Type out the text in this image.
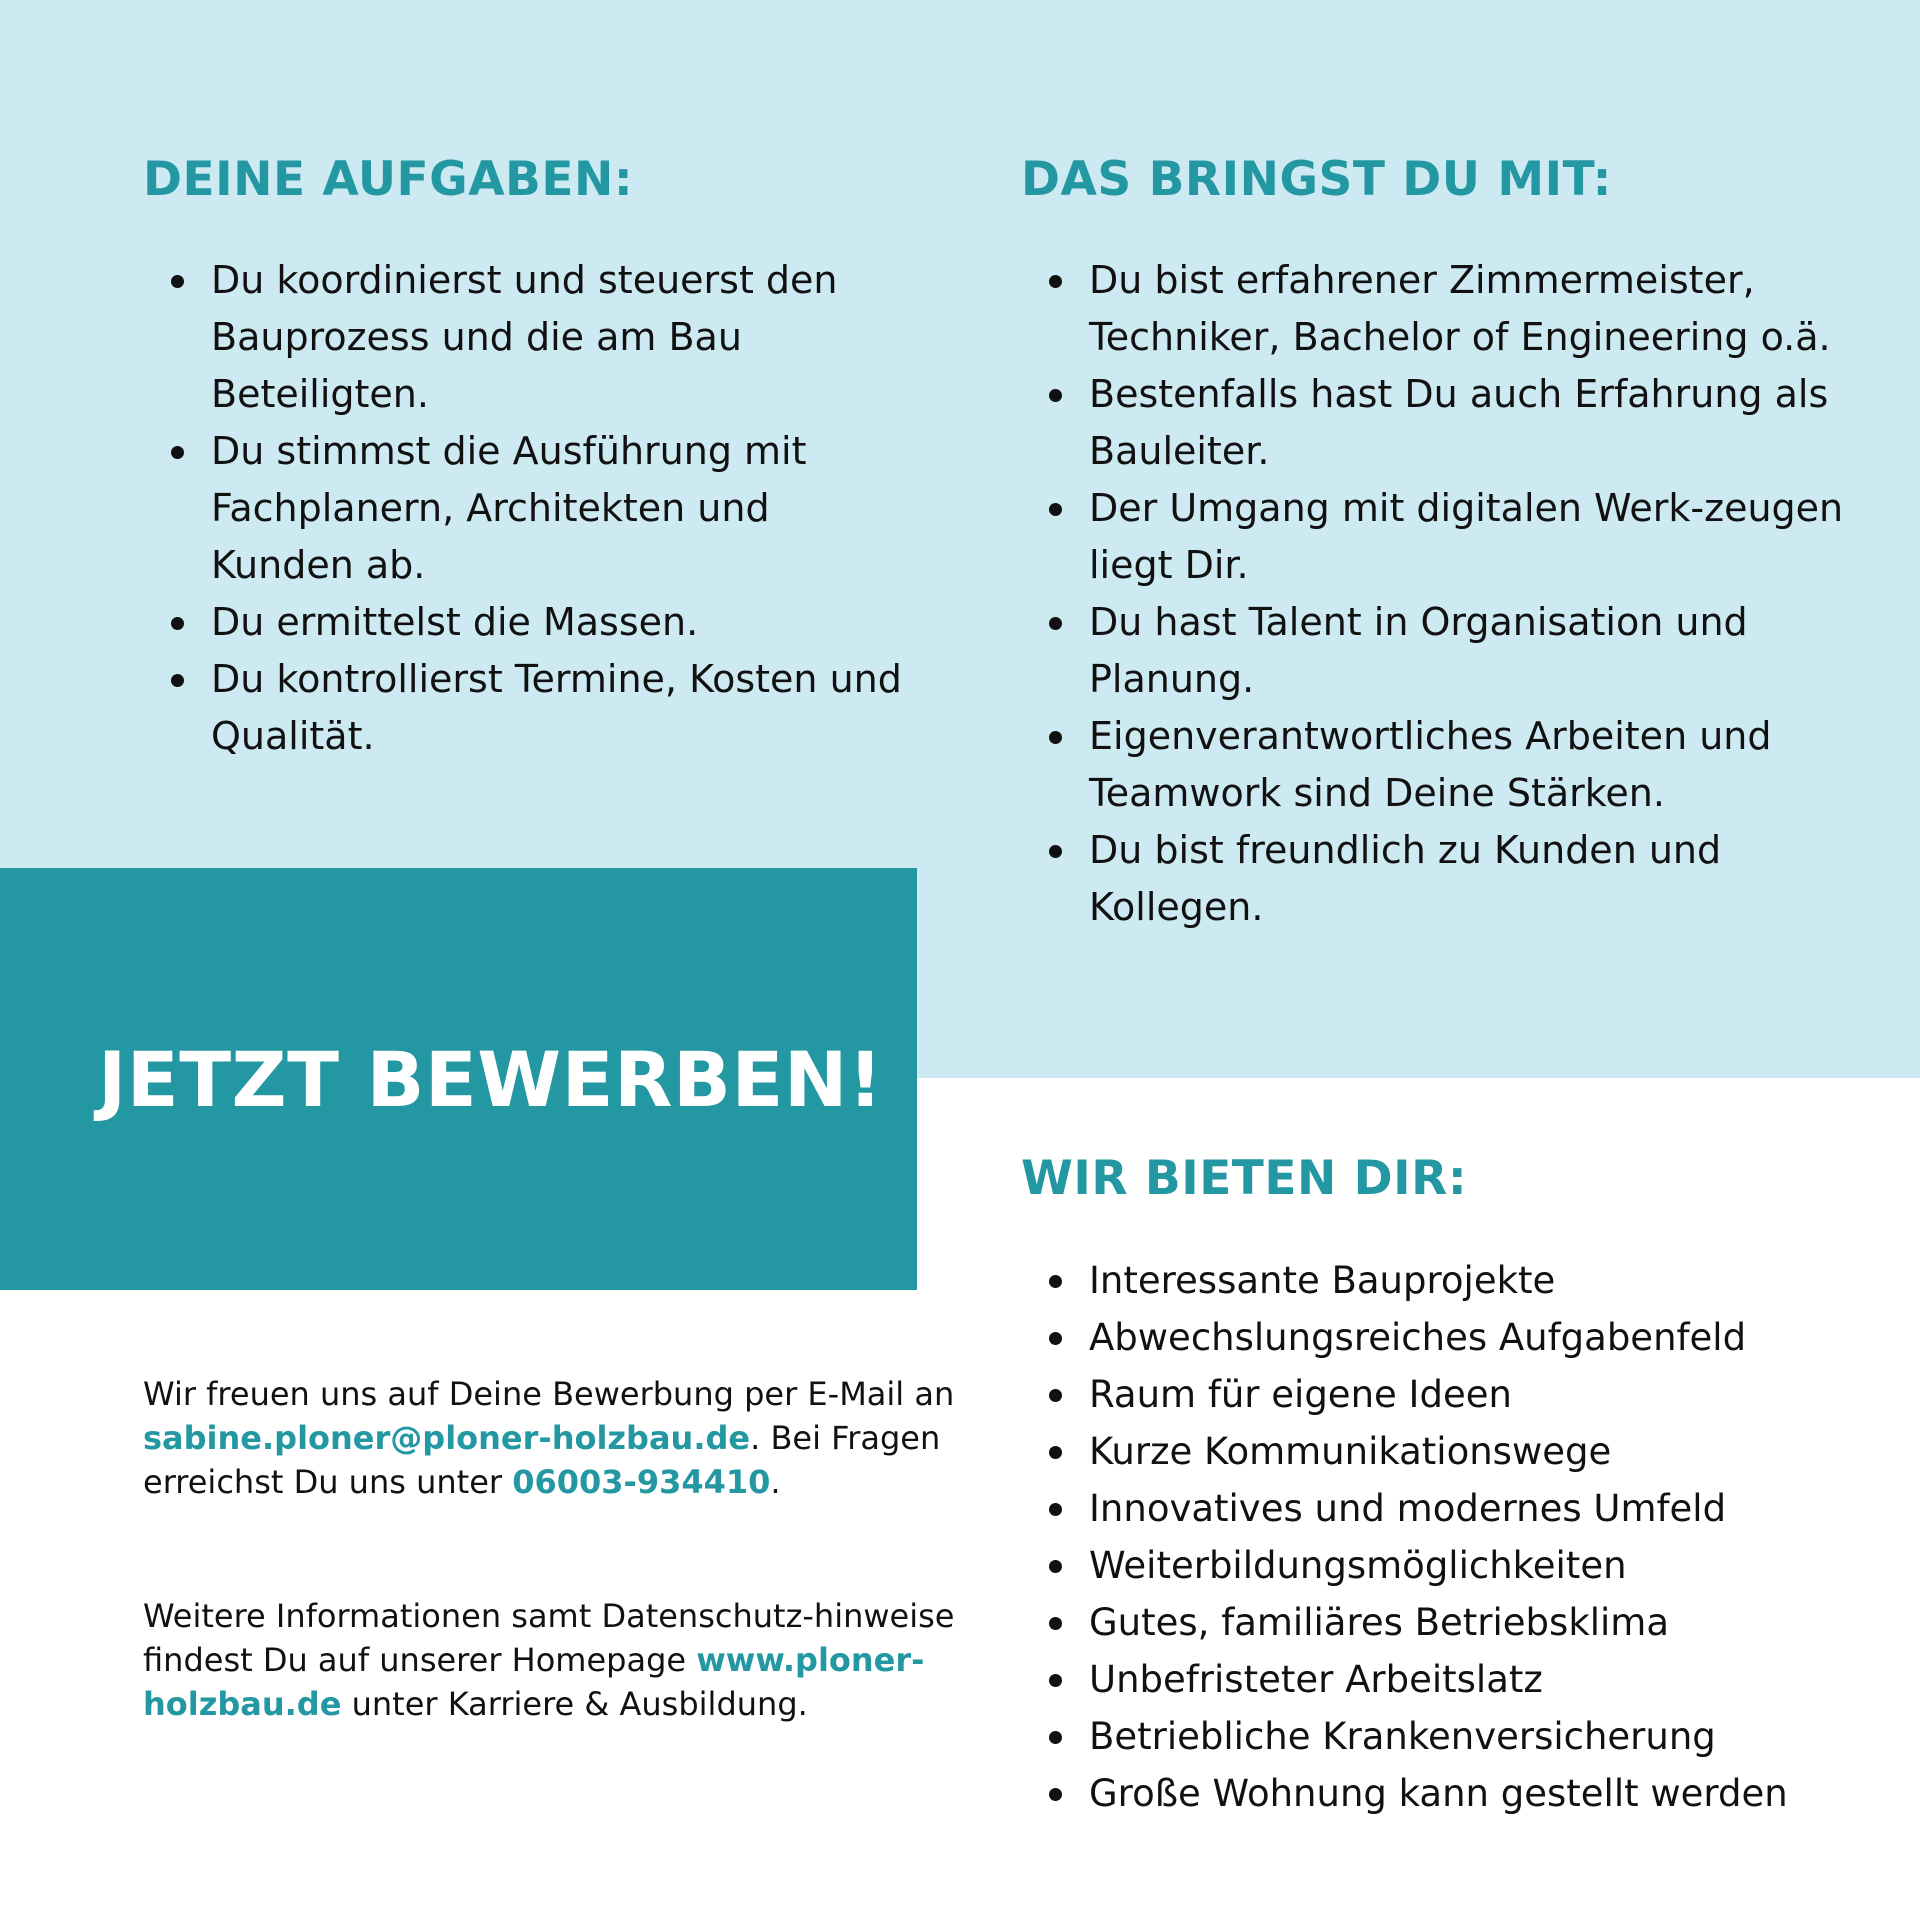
DEINE AUFGABEN:
Du koordinierst und steuerst den Bauprozess und die am Bau Beteiligten.
Du stimmst die Ausführung mit Fachplanern, Architekten und Kunden ab.
Du ermittelst die Massen.
Du kontrollierst Termine, Kosten und Qualität.
DAS BRINGST DU MIT:
Du bist erfahrener Zimmermeister, Techniker, Bachelor of Engineering o.ä.
Bestenfalls hast Du auch Erfahrung als Bauleiter.
Der Umgang mit digitalen Werk-zeugen liegt Dir.
Du hast Talent in Organisation und Planung.
Eigenverantwortliches Arbeiten und Teamwork sind Deine Stärken.
Du bist freundlich zu Kunden und Kollegen.
JETZT BEWERBEN!
WIR BIETEN DIR:
Interessante Bauprojekte
Abwechslungsreiches Aufgabenfeld
Raum für eigene Ideen
Kurze Kommunikationswege
Innovatives und modernes Umfeld
Weiterbildungsmöglichkeiten
Gutes, familiäres Betriebsklima
Unbefristeter Arbeitslatz
Betriebliche Krankenversicherung
Große Wohnung kann gestellt werden

Wir freuen uns auf Deine Bewerbung per E-Mail an sabine.ploner@ploner-holzbau.de. Bei Fragen erreichst Du uns unter 06003-934410.

Weitere Informationen samt Datenschutz-hinweise findest Du auf unserer Homepage www.ploner-holzbau.de unter Karriere & Ausbildung.
